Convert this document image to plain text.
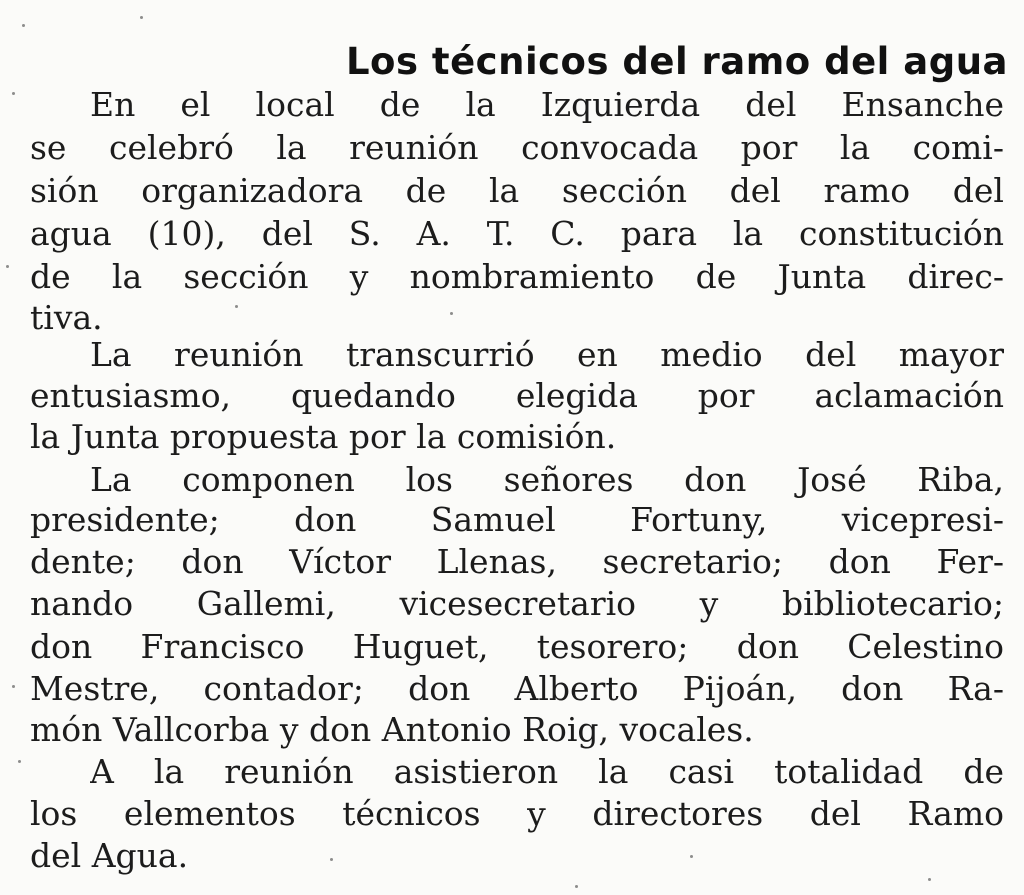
Los técnicos del ramo del agua
En el local de la Izquierda del Ensanche
se celebró la reunión convocada por la comi-
sión organizadora de la sección del ramo del
agua (10), del S. A. T. C. para la constitución
de la sección y nombramiento de Junta direc-
tiva.
La reunión transcurrió en medio del mayor
entusiasmo, quedando elegida por aclamación
la Junta propuesta por la comisión.
La componen los señores don José Riba,
presidente; don Samuel Fortuny, vicepresi-
dente; don Víctor Llenas, secretario; don Fer-
nando Gallemi, vicesecretario y bibliotecario;
don Francisco Huguet, tesorero; don Celestino
Mestre, contador; don Alberto Pijoán, don Ra-
món Vallcorba y don Antonio Roig, vocales.
A la reunión asistieron la casi totalidad de
los elementos técnicos y directores del Ramo
del Agua.
